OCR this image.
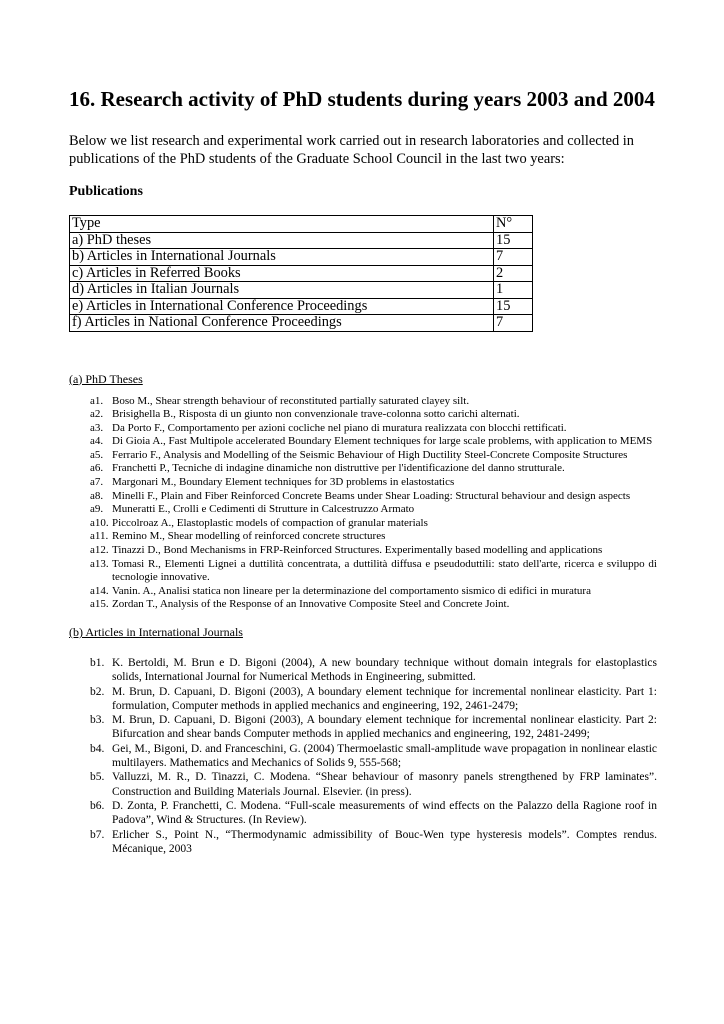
16. Research activity of PhD students during years 2003 and 2004

Below we list research and experimental work carried out in research laboratories and collected in publications of the PhD students of the Graduate School Council in the last two years:

Publications

Type	N°
a) PhD theses	15
b) Articles in International Journals	7
c) Articles in Referred Books	2
d) Articles in Italian Journals	1
e) Articles in International Conference Proceedings	15
f) Articles in National Conference Proceedings	7

(a) PhD Theses

a1. Boso M., Shear strength behaviour of reconstituted partially saturated clayey silt.
a2. Brisighella B., Risposta di un giunto non convenzionale trave-colonna sotto carichi alternati.
a3. Da Porto F., Comportamento per azioni cocliche nel piano di muratura realizzata con blocchi rettificati.
a4. Di Gioia A., Fast Multipole accelerated Boundary Element techniques for large scale problems, with application to MEMS
a5. Ferrario F., Analysis and Modelling of the Seismic Behaviour of High Ductility Steel-Concrete Composite Structures
a6. Franchetti P., Tecniche di indagine dinamiche non distruttive per l'identificazione del danno strutturale.
a7. Margonari M., Boundary Element techniques for 3D problems in elastostatics
a8. Minelli F., Plain and Fiber Reinforced Concrete Beams under Shear Loading: Structural behaviour and design aspects
a9. Muneratti E., Crolli e Cedimenti di Strutture in Calcestruzzo Armato
a10. Piccolroaz A., Elastoplastic models of compaction of granular materials
a11. Remino M., Shear modelling of reinforced concrete structures
a12. Tinazzi D., Bond Mechanisms in FRP-Reinforced Structures. Experimentally based modelling and applications
a13. Tomasi R., Elementi Lignei a duttilità concentrata, a duttilità diffusa e pseudoduttili: stato dell'arte, ricerca e sviluppo di tecnologie innovative.
a14. Vanin. A., Analisi statica non lineare per la determinazione del comportamento sismico di edifici in muratura
a15. Zordan T., Analysis of the Response of an Innovative Composite Steel and Concrete Joint.

(b) Articles in International Journals

b1. K. Bertoldi, M. Brun e D. Bigoni (2004), A new boundary technique without domain integrals for elastoplastics solids, International Journal for Numerical Methods in Engineering, submitted.
b2. M. Brun, D. Capuani, D. Bigoni (2003), A boundary element technique for incremental nonlinear elasticity. Part 1: formulation, Computer methods in applied mechanics and engineering, 192, 2461-2479;
b3. M. Brun, D. Capuani, D. Bigoni (2003), A boundary element technique for incremental nonlinear elasticity. Part 2: Bifurcation and shear bands Computer methods in applied mechanics and engineering, 192, 2481-2499;
b4. Gei, M., Bigoni, D. and Franceschini, G. (2004) Thermoelastic small-amplitude wave propagation in nonlinear elastic multilayers. Mathematics and Mechanics of Solids 9, 555-568;
b5. Valluzzi, M. R., D. Tinazzi, C. Modena. “Shear behaviour of masonry panels strengthened by FRP laminates”. Construction and Building Materials Journal. Elsevier. (in press).
b6. D. Zonta, P. Franchetti, C. Modena. “Full-scale measurements of wind effects on the Palazzo della Ragione roof in Padova”, Wind & Structures. (In Review).
b7. Erlicher S., Point N., “Thermodynamic admissibility of Bouc-Wen type hysteresis models”. Comptes rendus. Mécanique, 2003
